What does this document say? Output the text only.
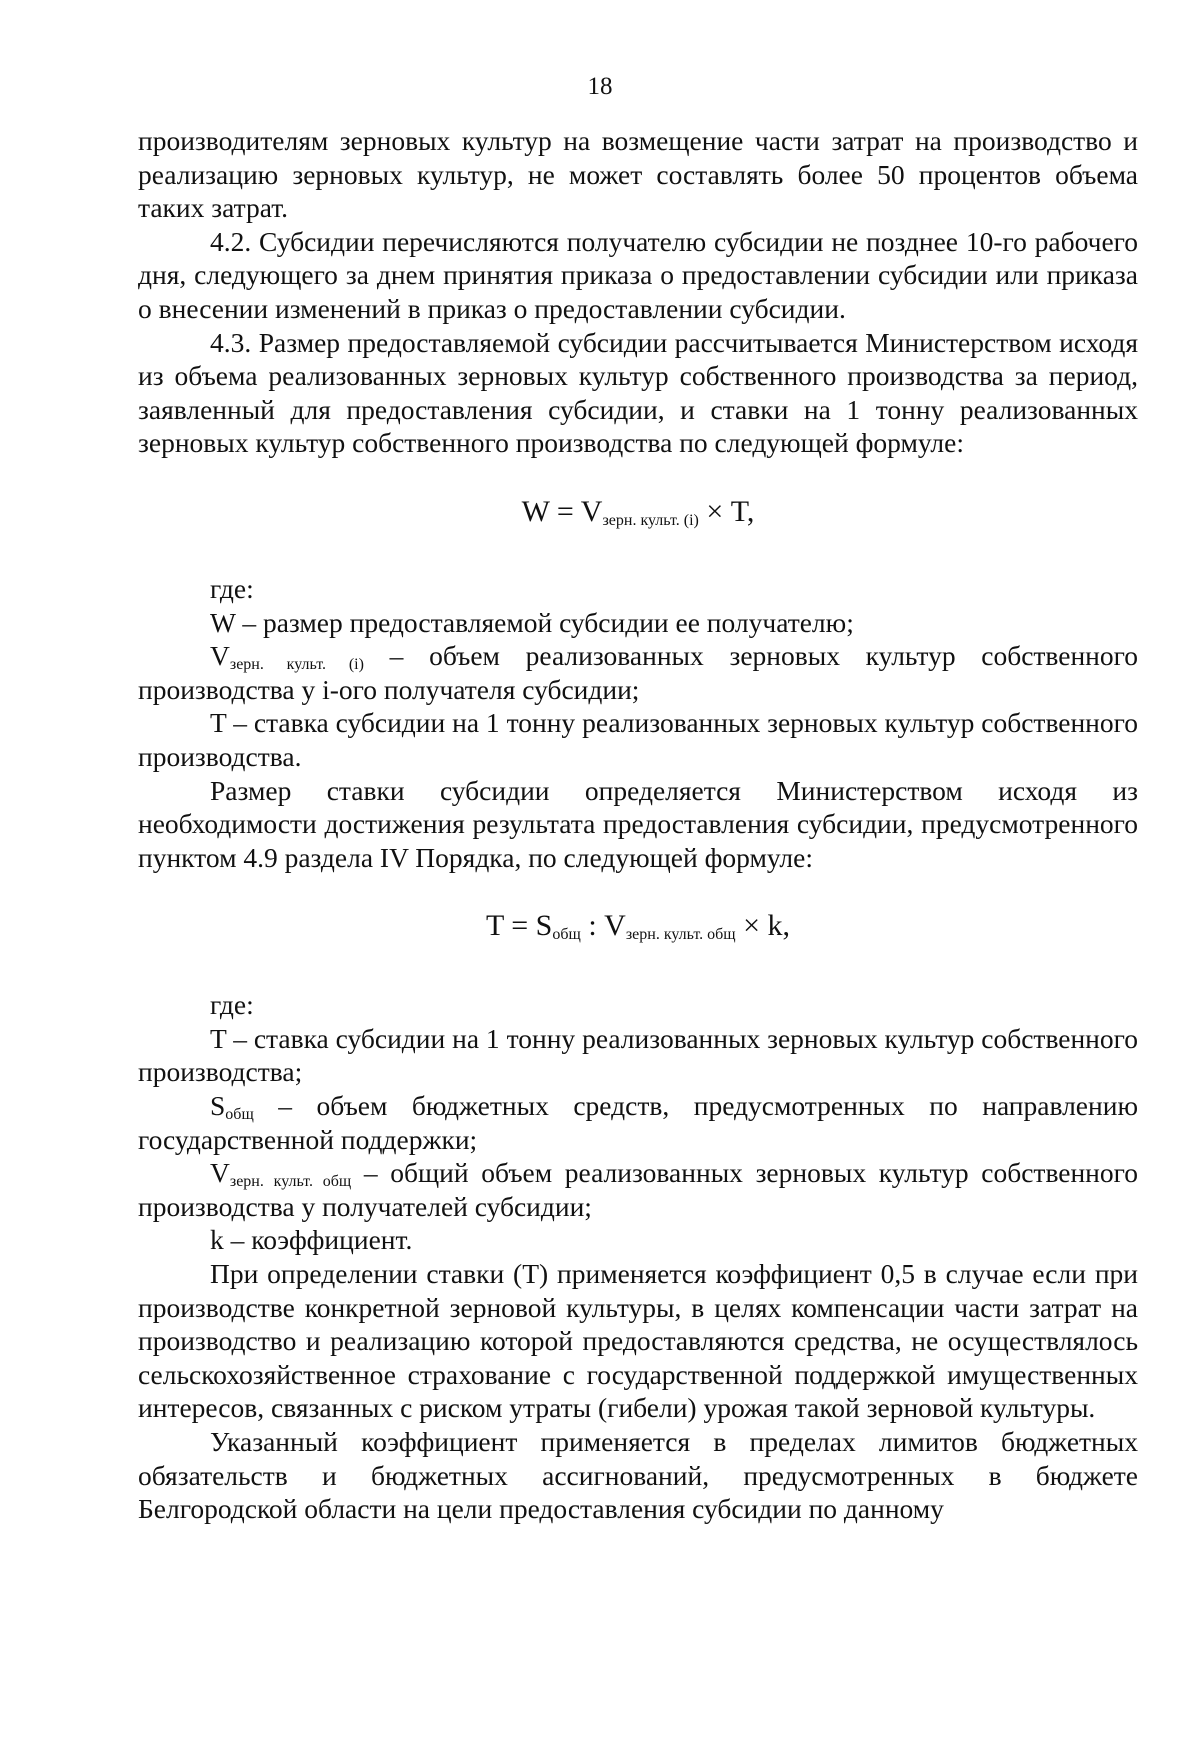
18

производителям зерновых культур на возмещение части затрат на производство и реализацию зерновых культур, не может составлять более 50 процентов объема таких затрат.

4.2. Субсидии перечисляются получателю субсидии не позднее 10-го рабочего дня, следующего за днем принятия приказа о предоставлении субсидии или приказа о внесении изменений в приказ о предоставлении субсидии.

4.3. Размер предоставляемой субсидии рассчитывается Министерством исходя из объема реализованных зерновых культур собственного производства за период, заявленный для предоставления субсидии, и ставки на 1 тонну реализованных зерновых культур собственного производства по следующей формуле:

$W = V_{зерн. культ. (i)} \times T$,

где:

W – размер предоставляемой субсидии ее получателю;

$V_{зерн. культ. (i)}$ – объем реализованных зерновых культур собственного производства у i-ого получателя субсидии;

T – ставка субсидии на 1 тонну реализованных зерновых культур собственного производства.

Размер ставки субсидии определяется Министерством исходя из необходимости достижения результата предоставления субсидии, предусмотренного пунктом 4.9 раздела IV Порядка, по следующей формуле:

$T = S_{общ}$ : $V_{зерн. культ. общ} \times k$,

где:

T – ставка субсидии на 1 тонну реализованных зерновых культур собственного производства;

$S_{общ}$ – объем бюджетных средств, предусмотренных по направлению государственной поддержки;

$V_{зерн. культ. общ}$ – общий объем реализованных зерновых культур собственного производства у получателей субсидии;

k – коэффициент.

При определении ставки (T) применяется коэффициент 0,5 в случае если при производстве конкретной зерновой культуры, в целях компенсации части затрат на производство и реализацию которой предоставляются средства, не осуществлялось сельскохозяйственное страхование с государственной поддержкой имущественных интересов, связанных с риском утраты (гибели) урожая такой зерновой культуры.

Указанный коэффициент применяется в пределах лимитов бюджетных обязательств и бюджетных ассигнований, предусмотренных в бюджете Белгородской области на цели предоставления субсидии по данному
